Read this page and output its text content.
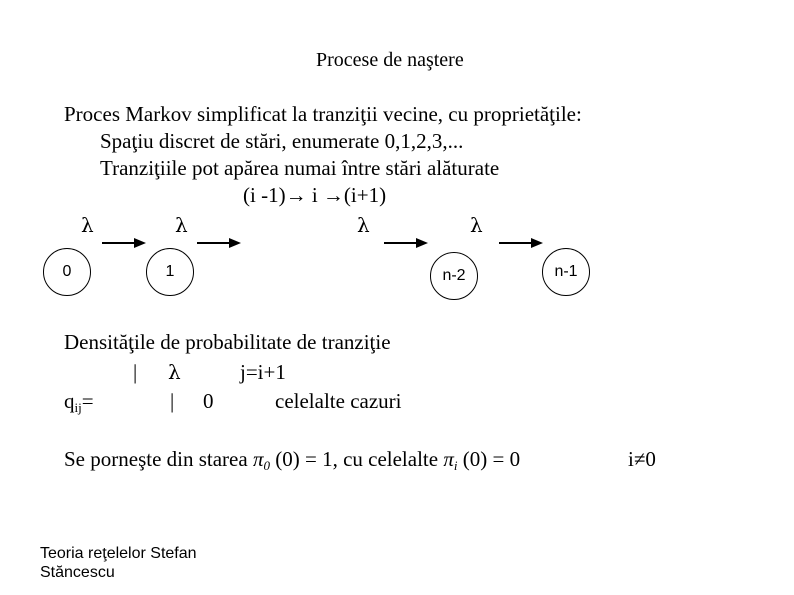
Procese de naştere
Proces Markov simplificat la tranziţii vecine, cu proprietăţile:
Spaţiu discret de stări, enumerate 0,1,2,3,...
Tranziţiile pot apărea numai între stări alăturate
(i -1)→ i →(i+1)
λ	λ	λ	λ
0	1	n-2	n-1
Densităţile de probabilitate de tranziţie
| λ	j=i+1
$q_{ij}=$	| 0	celelalte cazuri
Se porneşte din starea $\pi_0$ (0) = 1, cu celelalte $\pi_i$ (0) = 0	i≠0
Teoria reţelelor Stefan
Stăncescu
